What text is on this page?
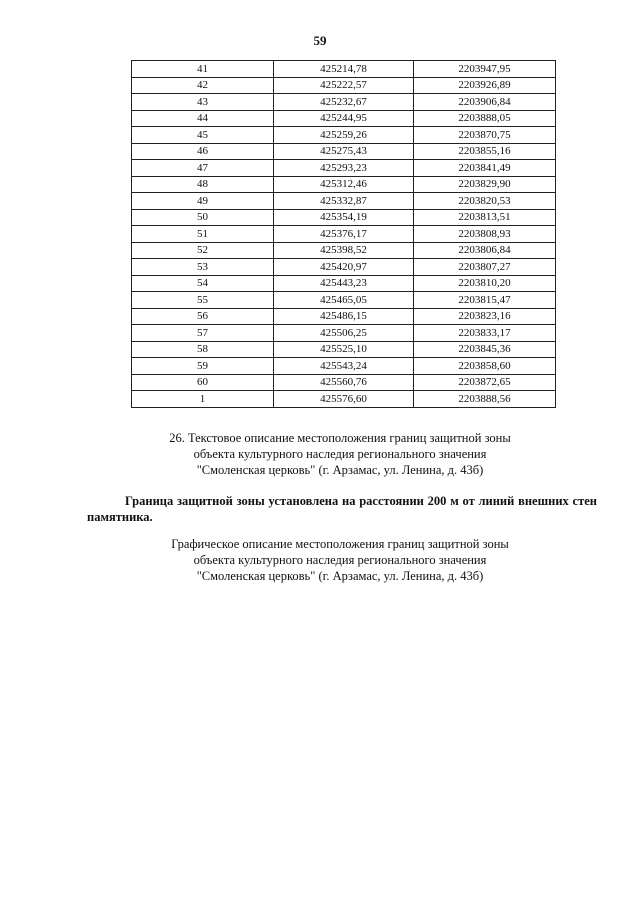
59
41	425214,78	2203947,95
42	425222,57	2203926,89
43	425232,67	2203906,84
44	425244,95	2203888,05
45	425259,26	2203870,75
46	425275,43	2203855,16
47	425293,23	2203841,49
48	425312,46	2203829,90
49	425332,87	2203820,53
50	425354,19	2203813,51
51	425376,17	2203808,93
52	425398,52	2203806,84
53	425420,97	2203807,27
54	425443,23	2203810,20
55	425465,05	2203815,47
56	425486,15	2203823,16
57	425506,25	2203833,17
58	425525,10	2203845,36
59	425543,24	2203858,60
60	425560,76	2203872,65
1	425576,60	2203888,56
26. Текстовое описание местоположения границ защитной зоны
объекта культурного наследия регионального значения
"Смоленская церковь" (г. Арзамас, ул. Ленина, д. 43б)
Граница защитной зоны установлена на расстоянии 200 м от линий внешних стен памятника.
Графическое описание местоположения границ защитной зоны
объекта культурного наследия регионального значения
"Смоленская церковь" (г. Арзамас, ул. Ленина, д. 43б)
